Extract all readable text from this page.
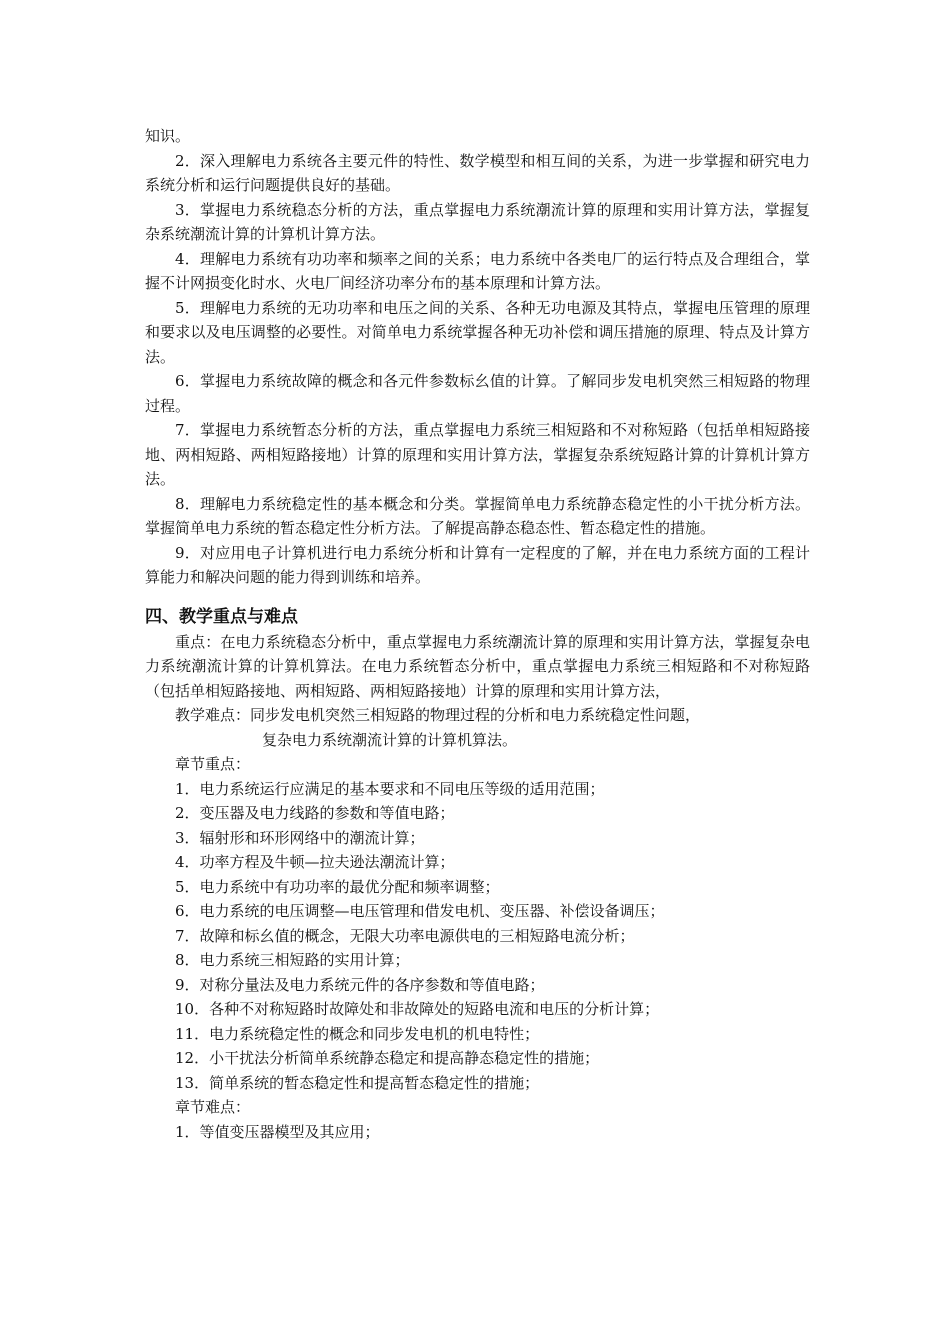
知识。

2．深入理解电力系统各主要元件的特性、数学模型和相互间的关系，为进一步掌握和研究电力系统分析和运行问题提供良好的基础。

3．掌握电力系统稳态分析的方法，重点掌握电力系统潮流计算的原理和实用计算方法，掌握复杂系统潮流计算的计算机计算方法。

4．理解电力系统有功功率和频率之间的关系；电力系统中各类电厂的运行特点及合理组合，掌握不计网损变化时水、火电厂间经济功率分布的基本原理和计算方法。

5．理解电力系统的无功功率和电压之间的关系、各种无功电源及其特点，掌握电压管理的原理和要求以及电压调整的必要性。对简单电力系统掌握各种无功补偿和调压措施的原理、特点及计算方法。

6．掌握电力系统故障的概念和各元件参数标幺值的计算。了解同步发电机突然三相短路的物理过程。

7．掌握电力系统暂态分析的方法，重点掌握电力系统三相短路和不对称短路（包括单相短路接地、两相短路、两相短路接地）计算的原理和实用计算方法，掌握复杂系统短路计算的计算机计算方法。

8．理解电力系统稳定性的基本概念和分类。掌握简单电力系统静态稳定性的小干扰分析方法。掌握简单电力系统的暂态稳定性分析方法。了解提高静态稳态性、暂态稳定性的措施。

9．对应用电子计算机进行电力系统分析和计算有一定程度的了解，并在电力系统方面的工程计算能力和解决问题的能力得到训练和培养。

四、教学重点与难点

重点：在电力系统稳态分析中，重点掌握电力系统潮流计算的原理和实用计算方法，掌握复杂电力系统潮流计算的计算机算法。在电力系统暂态分析中，重点掌握电力系统三相短路和不对称短路（包括单相短路接地、两相短路、两相短路接地）计算的原理和实用计算方法，

教学难点：同步发电机突然三相短路的物理过程的分析和电力系统稳定性问题，

复杂电力系统潮流计算的计算机算法。

章节重点：

1．电力系统运行应满足的基本要求和不同电压等级的适用范围；

2．变压器及电力线路的参数和等值电路；

3．辐射形和环形网络中的潮流计算；

4．功率方程及牛顿—拉夫逊法潮流计算；

5．电力系统中有功功率的最优分配和频率调整；

6．电力系统的电压调整—电压管理和借发电机、变压器、补偿设备调压；

7．故障和标幺值的概念，无限大功率电源供电的三相短路电流分析；

8．电力系统三相短路的实用计算；

9．对称分量法及电力系统元件的各序参数和等值电路；

10．各种不对称短路时故障处和非故障处的短路电流和电压的分析计算；

11．电力系统稳定性的概念和同步发电机的机电特性；

12．小干扰法分析简单系统静态稳定和提高静态稳定性的措施；

13．简单系统的暂态稳定性和提高暂态稳定性的措施；

章节难点：

1．等值变压器模型及其应用；
